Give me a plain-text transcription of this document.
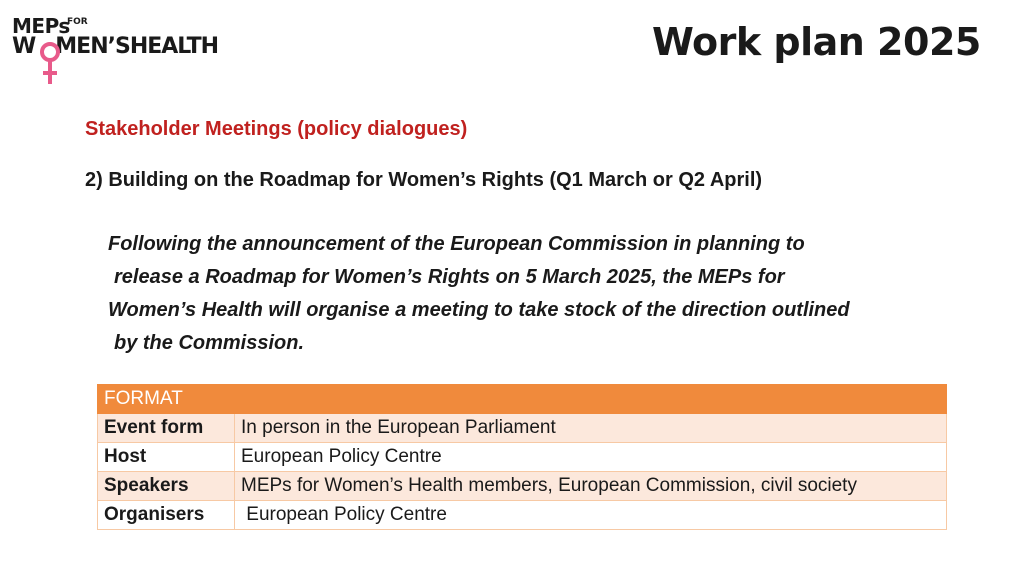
MEPs
FOR
W MEN’SHEALTH	Work plan 2025
Stakeholder Meetings (policy dialogues)
2) Building on the Roadmap for Women’s Rights (Q1 March or Q2 April)
Following the announcement of the European Commission in planning to
release a Roadmap for Women’s Rights on 5 March 2025, the MEPs for
Women’s Health will organise a meeting to take stock of the direction outlined
by the Commission.
FORMAT	
Event form	In person in the European Parliament
Host	European Policy Centre
Speakers	MEPs for Women’s Health members, European Commission, civil society
Organisers	European Policy Centre
